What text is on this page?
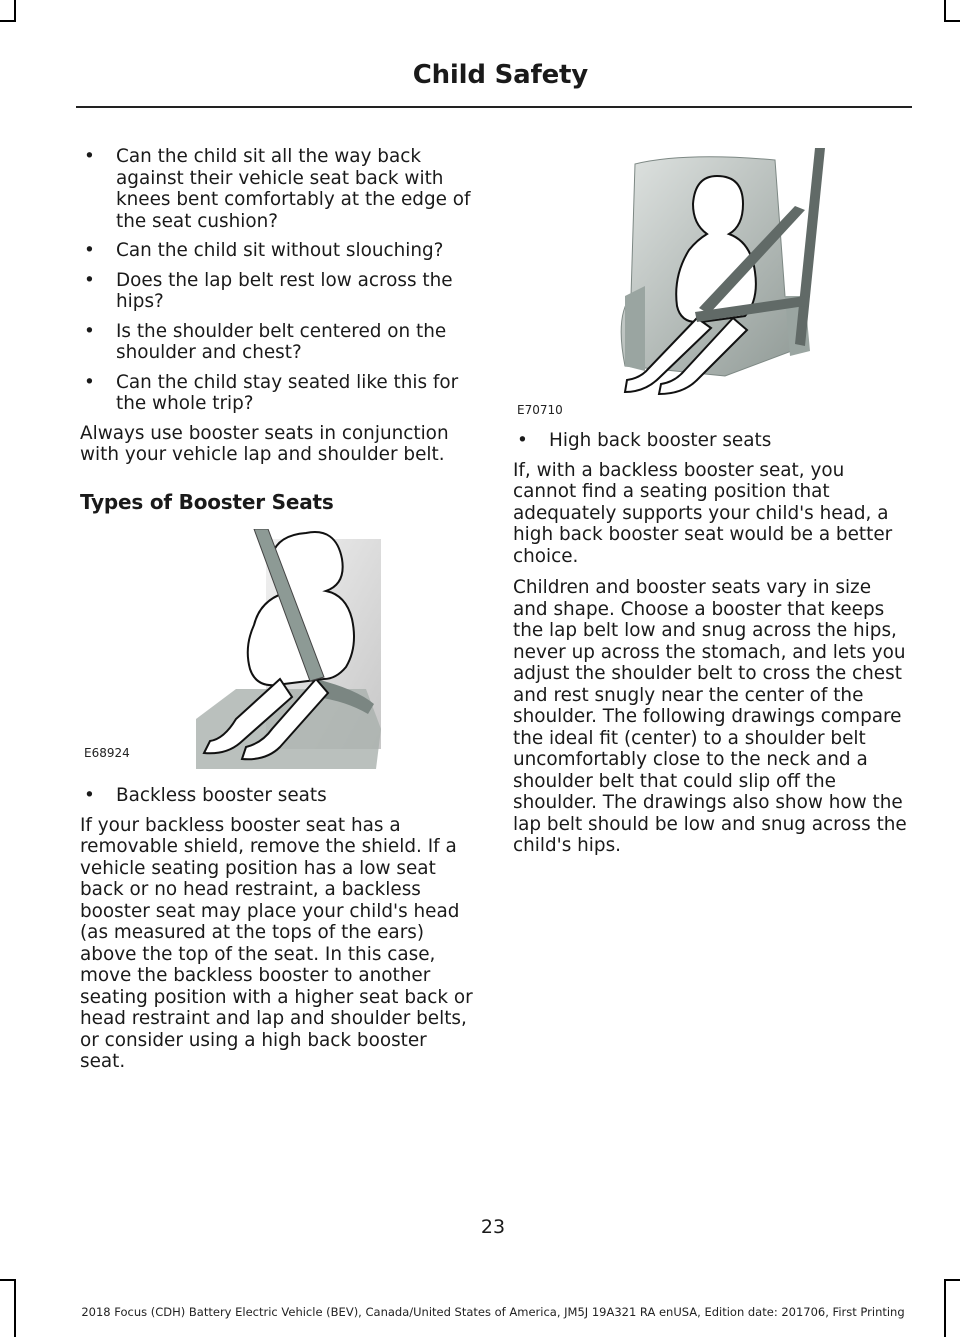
Child Safety
• Can the child sit all the way back against their vehicle seat back with knees bent comfortably at the edge of the seat cushion?
• Can the child sit without slouching?
• Does the lap belt rest low across the hips?
• Is the shoulder belt centered on the shoulder and chest?
• Can the child stay seated like this for the whole trip?

Always use booster seats in conjunction with your vehicle lap and shoulder belt.

Types of Booster Seats
E68924
• Backless booster seats

If your backless booster seat has a removable shield, remove the shield. If a vehicle seating position has a low seat back or no head restraint, a backless booster seat may place your child's head (as measured at the tops of the ears) above the top of the seat. In this case, move the backless booster to another seating position with a higher seat back or head restraint and lap and shoulder belts, or consider using a high back booster seat.

E70710
• High back booster seats

If, with a backless booster seat, you cannot find a seating position that adequately supports your child's head, a high back booster seat would be a better choice.

Children and booster seats vary in size and shape. Choose a booster that keeps the lap belt low and snug across the hips, never up across the stomach, and lets you adjust the shoulder belt to cross the chest and rest snugly near the center of the shoulder. The following drawings compare the ideal fit (center) to a shoulder belt uncomfortably close to the neck and a shoulder belt that could slip off the shoulder. The drawings also show how the lap belt should be low and snug across the child's hips.

23
2018 Focus (CDH) Battery Electric Vehicle (BEV), Canada/United States of America, JM5J 19A321 RA enUSA, Edition date: 201706, First Printing
